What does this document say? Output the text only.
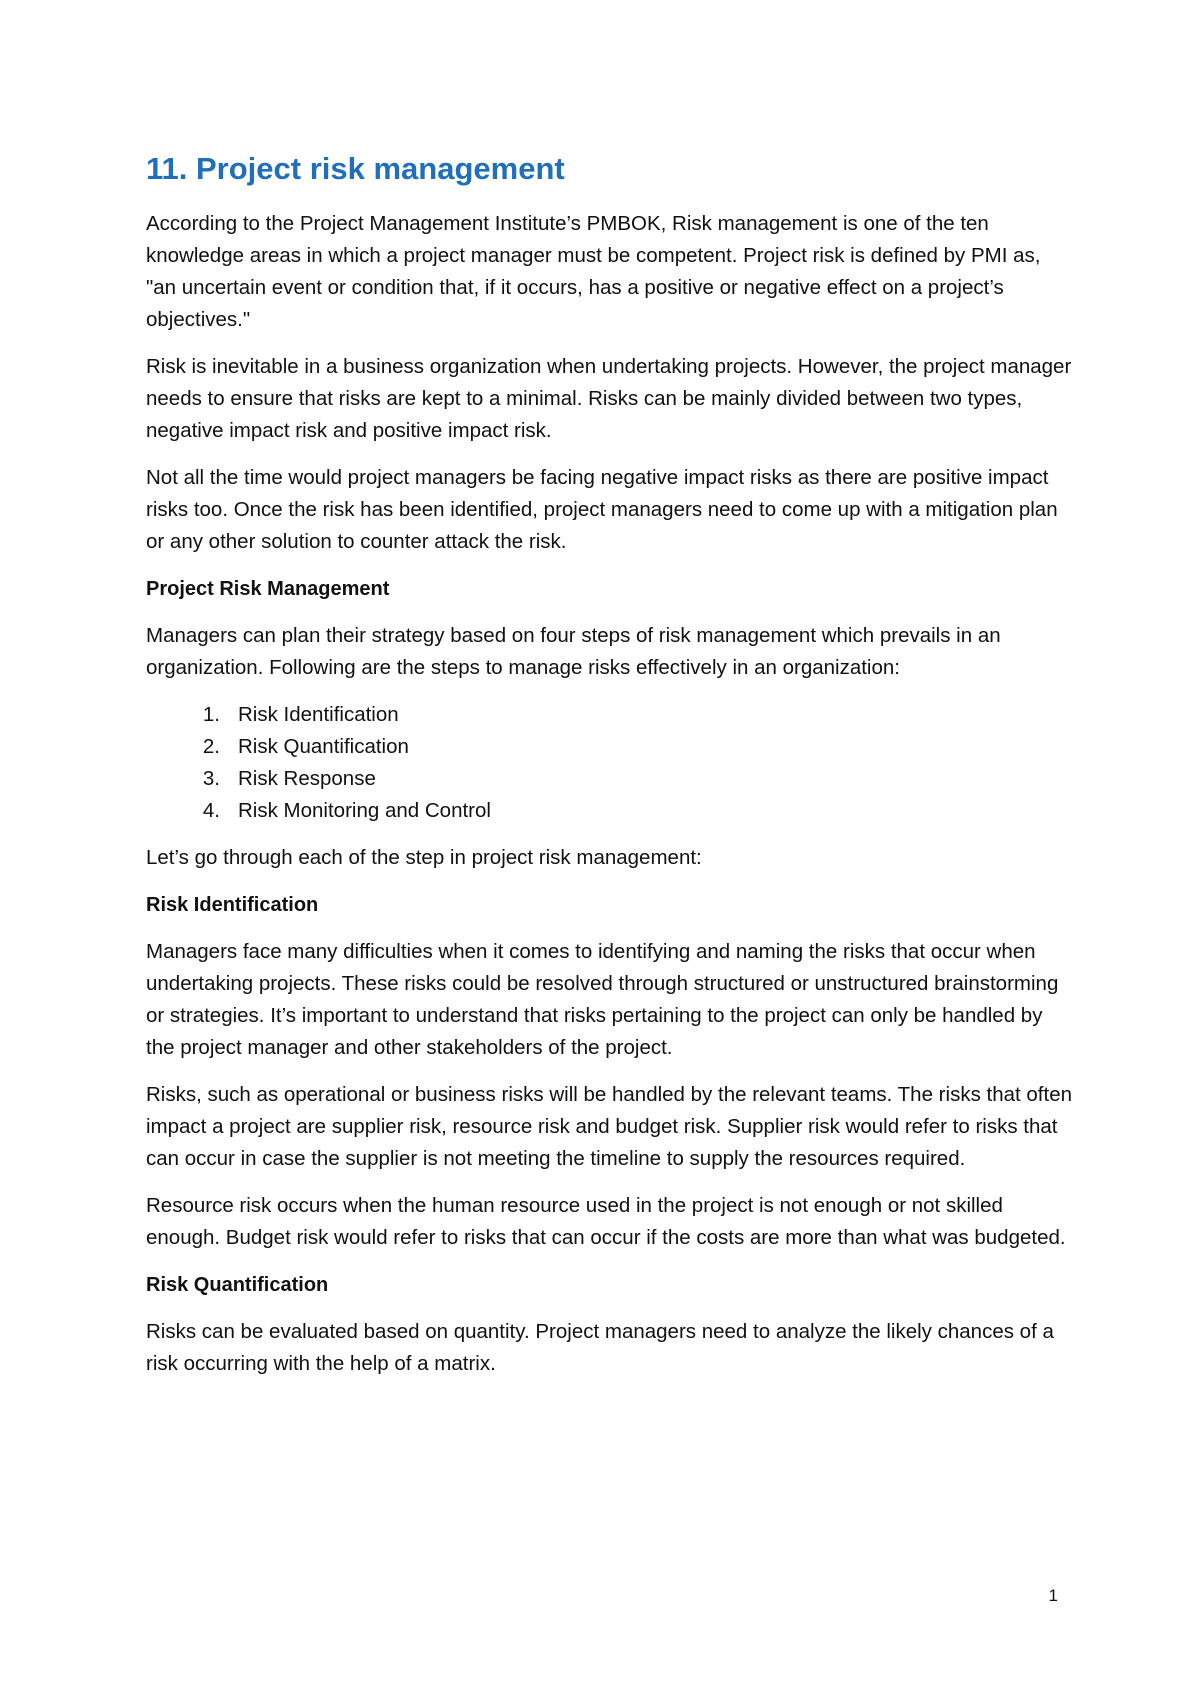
11. Project risk management

According to the Project Management Institute’s PMBOK, Risk management is one of the ten knowledge areas in which a project manager must be competent. Project risk is defined by PMI as, "an uncertain event or condition that, if it occurs, has a positive or negative effect on a project’s objectives."

Risk is inevitable in a business organization when undertaking projects. However, the project manager needs to ensure that risks are kept to a minimal. Risks can be mainly divided between two types, negative impact risk and positive impact risk.

Not all the time would project managers be facing negative impact risks as there are positive impact risks too. Once the risk has been identified, project managers need to come up with a mitigation plan or any other solution to counter attack the risk.

Project Risk Management

Managers can plan their strategy based on four steps of risk management which prevails in an organization. Following are the steps to manage risks effectively in an organization:

1. Risk Identification
2. Risk Quantification
3. Risk Response
4. Risk Monitoring and Control

Let’s go through each of the step in project risk management:

Risk Identification

Managers face many difficulties when it comes to identifying and naming the risks that occur when undertaking projects. These risks could be resolved through structured or unstructured brainstorming or strategies. It’s important to understand that risks pertaining to the project can only be handled by the project manager and other stakeholders of the project.

Risks, such as operational or business risks will be handled by the relevant teams. The risks that often impact a project are supplier risk, resource risk and budget risk. Supplier risk would refer to risks that can occur in case the supplier is not meeting the timeline to supply the resources required.

Resource risk occurs when the human resource used in the project is not enough or not skilled enough. Budget risk would refer to risks that can occur if the costs are more than what was budgeted.

Risk Quantification

Risks can be evaluated based on quantity. Project managers need to analyze the likely chances of a risk occurring with the help of a matrix.

1
